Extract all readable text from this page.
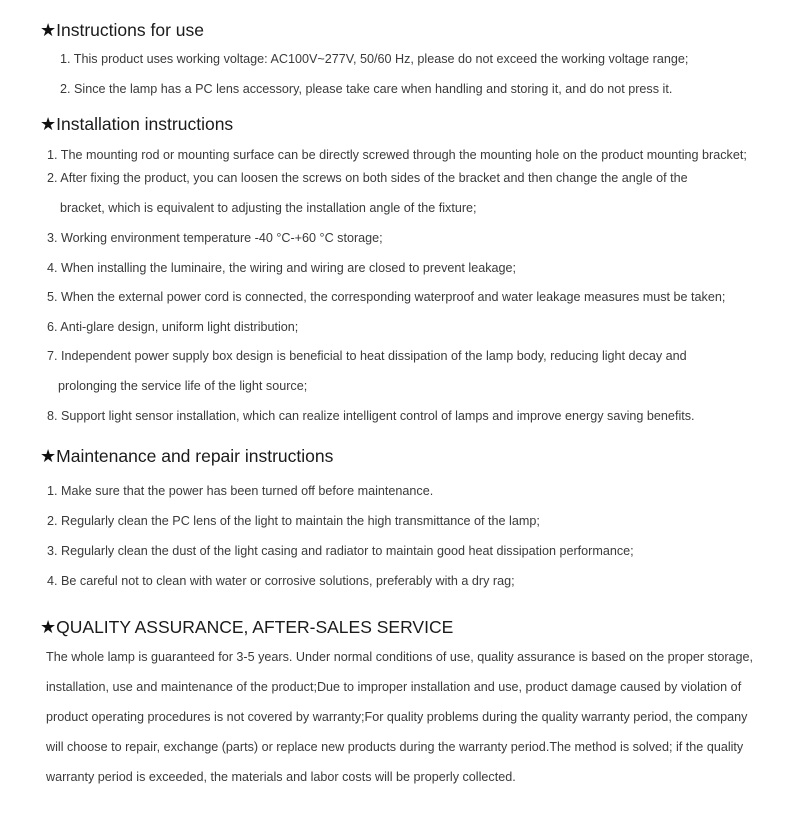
★Instructions for use

1. This product uses working voltage: AC100V~277V, 50/60 Hz, please do not exceed the working voltage range;

2. Since the lamp has a PC lens accessory, please take care when handling and storing it, and do not press it.

★Installation instructions

1. The mounting rod or mounting surface can be directly screwed through the mounting hole on the product mounting bracket;

2. After fixing the product, you can loosen the screws on both sides of the bracket and then change the angle of the

bracket, which is equivalent to adjusting the installation angle of the fixture;

3. Working environment temperature -40 °C-+60 °C storage;

4. When installing the luminaire, the wiring and wiring are closed to prevent leakage;

5. When the external power cord is connected, the corresponding waterproof and water leakage measures must be taken;

6. Anti-glare design, uniform light distribution;

7. Independent power supply box design is beneficial to heat dissipation of the lamp body, reducing light decay and

prolonging the service life of the light source;

8. Support light sensor installation, which can realize intelligent control of lamps and improve energy saving benefits.

★Maintenance and repair instructions

1. Make sure that the power has been turned off before maintenance.

2. Regularly clean the PC lens of the light to maintain the high transmittance of the lamp;

3. Regularly clean the dust of the light casing and radiator to maintain good heat dissipation performance;

4. Be careful not to clean with water or corrosive solutions, preferably with a dry rag;

★QUALITY ASSURANCE, AFTER-SALES SERVICE

The whole lamp is guaranteed for 3-5 years. Under normal conditions of use, quality assurance is based on the proper storage,

installation, use and maintenance of the product;Due to improper installation and use, product damage caused by violation of

product operating procedures is not covered by warranty;For quality problems during the quality warranty period, the company

will choose to repair, exchange (parts) or replace new products during the warranty period.The method is solved; if the quality

warranty period is exceeded, the materials and labor costs will be properly collected.
